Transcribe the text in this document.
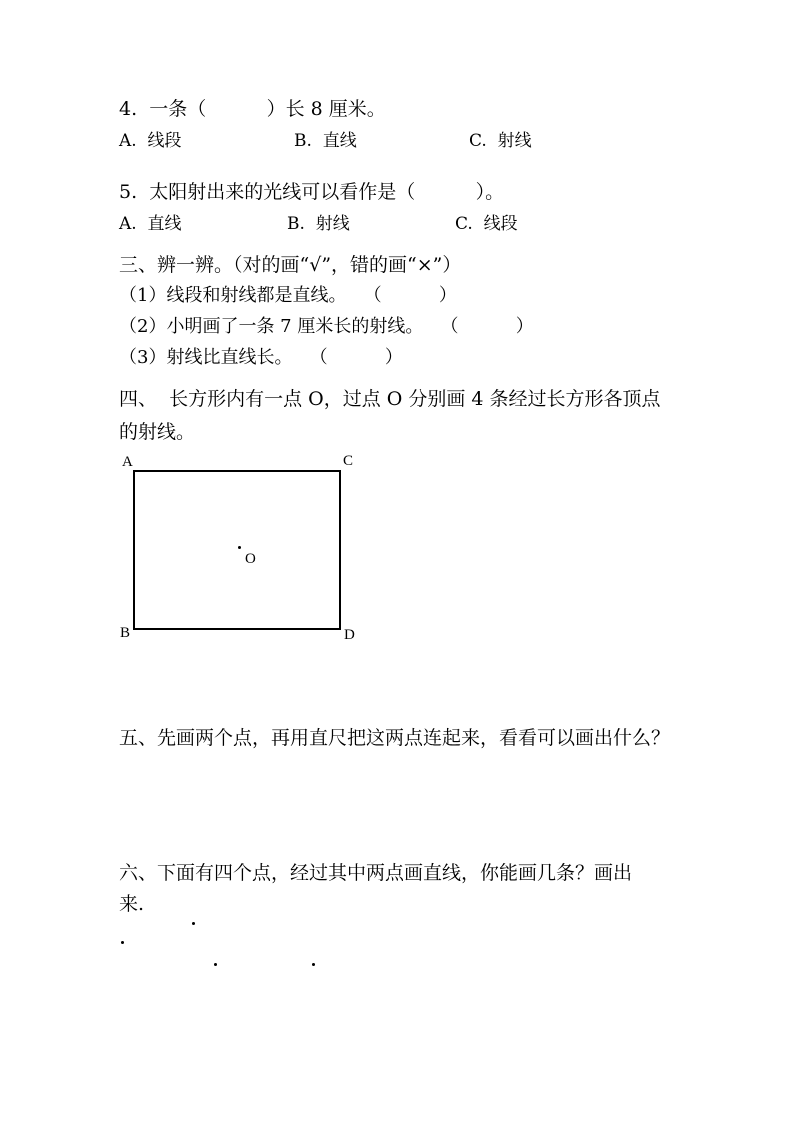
4.  一条（          ）长 8 厘米。
A.  线段	B.  直线	C.  射线
5.  太阳射出来的光线可以看作是（          ）。
A.  直线	B.  射线	C.  线段
三、辨一辨。（对的画“√”，错的画“×”）
（1）线段和射线都是直线。   （          ）
（2）小明画了一条 7 厘米长的射线。   （          ）
（3）射线比直线长。   （          ）
四、  长方形内有一点 O，过点 O 分别画 4 条经过长方形各顶点
的射线。
A
B
C
D
O
五、先画两个点，再用直尺把这两点连起来，看看可以画出什么？
六、下面有四个点，经过其中两点画直线，你能画几条？画出
来.
